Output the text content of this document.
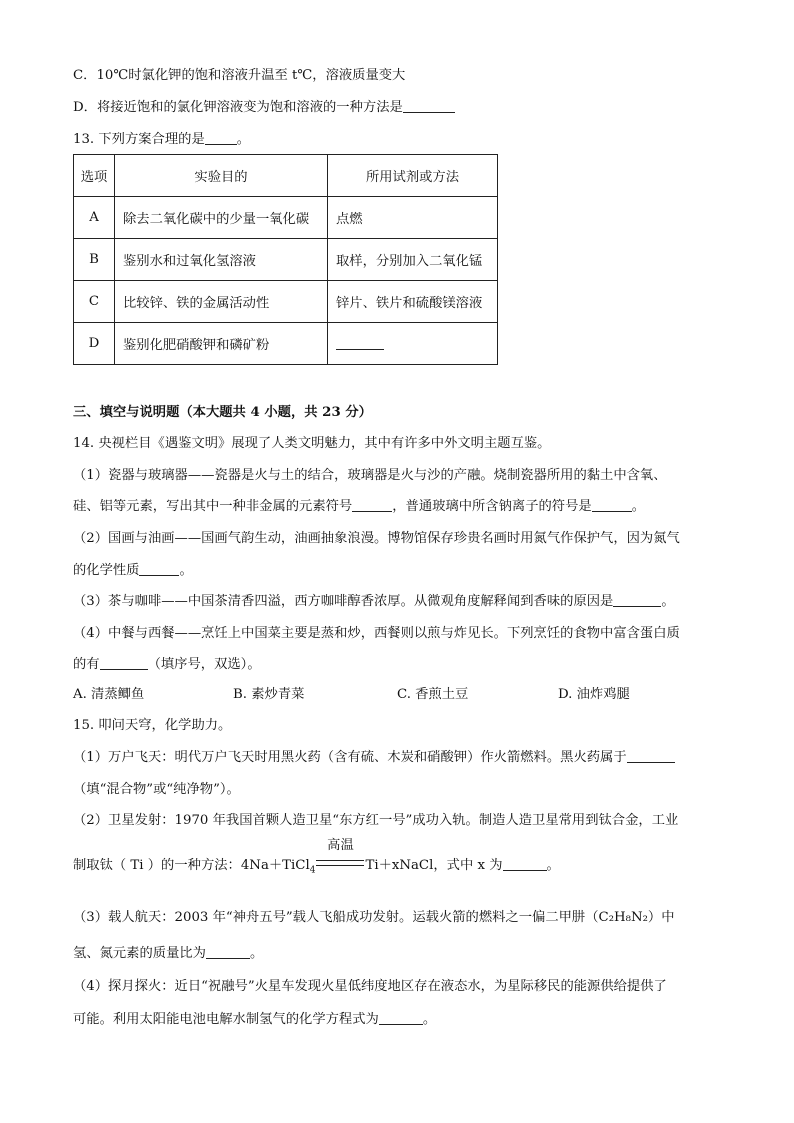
C．10℃时氯化钾的饱和溶液升温至 t℃，溶液质量变大
D．将接近饱和的氯化钾溶液变为饱和溶液的一种方法是
13. 下列方案合理的是 。
选项	实验目的	所用试剂或方法
A	除去二氧化碳中的少量一氧化碳	点燃
B	鉴别水和过氧化氢溶液	取样，分别加入二氧化锰
C	比较锌、铁的金属活动性	锌片、铁片和硫酸镁溶液
D	鉴别化肥硝酸钾和磷矿粉	
三、填空与说明题（本大题共 4 小题，共 23 分）
14. 央视栏目《遇鉴文明》展现了人类文明魅力，其中有许多中外文明主题互鉴。
（1）瓷器与玻璃器——瓷器是火与土的结合，玻璃器是火与沙的产融。烧制瓷器所用的黏土中含氧、
硅、铝等元素，写出其中一种非金属的元素符号	，普通玻璃中所含钠离子的符号是	。
（2）国画与油画——国画气韵生动，油画抽象浪漫。博物馆保存珍贵名画时用氮气作保护气，因为氮气
的化学性质	。
（3）茶与咖啡——中国茶清香四溢，西方咖啡醇香浓厚。从微观角度解释闻到香味的原因是	。
（4）中餐与西餐——烹饪上中国菜主要是蒸和炒，西餐则以煎与炸见长。下列烹饪的食物中富含蛋白质
的有	（填序号，双选）。
A. 清蒸鲫鱼	B. 素炒青菜	C. 香煎土豆	D. 油炸鸡腿
15. 叩问天穹，化学助力。
（1）万户飞天：明代万户飞天时用黑火药（含有硫、木炭和硝酸钾）作火箭燃料。黑火药属于
（填“混合物”或“纯净物”）。
（2）卫星发射：1970 年我国首颗人造卫星“东方红一号”成功入轨。制造人造卫星常用到钛合金，工业
制取钛（ Ti ）的一种方法：4Na＋TiCl$_4$
高温
Ti＋xNaCl，式中 x 为	。
（3）载人航天：2003 年“神舟五号”载人飞船成功发射。运载火箭的燃料之一偏二甲肼（C₂H₈N₂）中
氢、氮元素的质量比为	。
（4）探月探火：近日“祝融号”火星车发现火星低纬度地区存在液态水，为星际移民的能源供给提供了
可能。利用太阳能电池电解水制氢气的化学方程式为	。
